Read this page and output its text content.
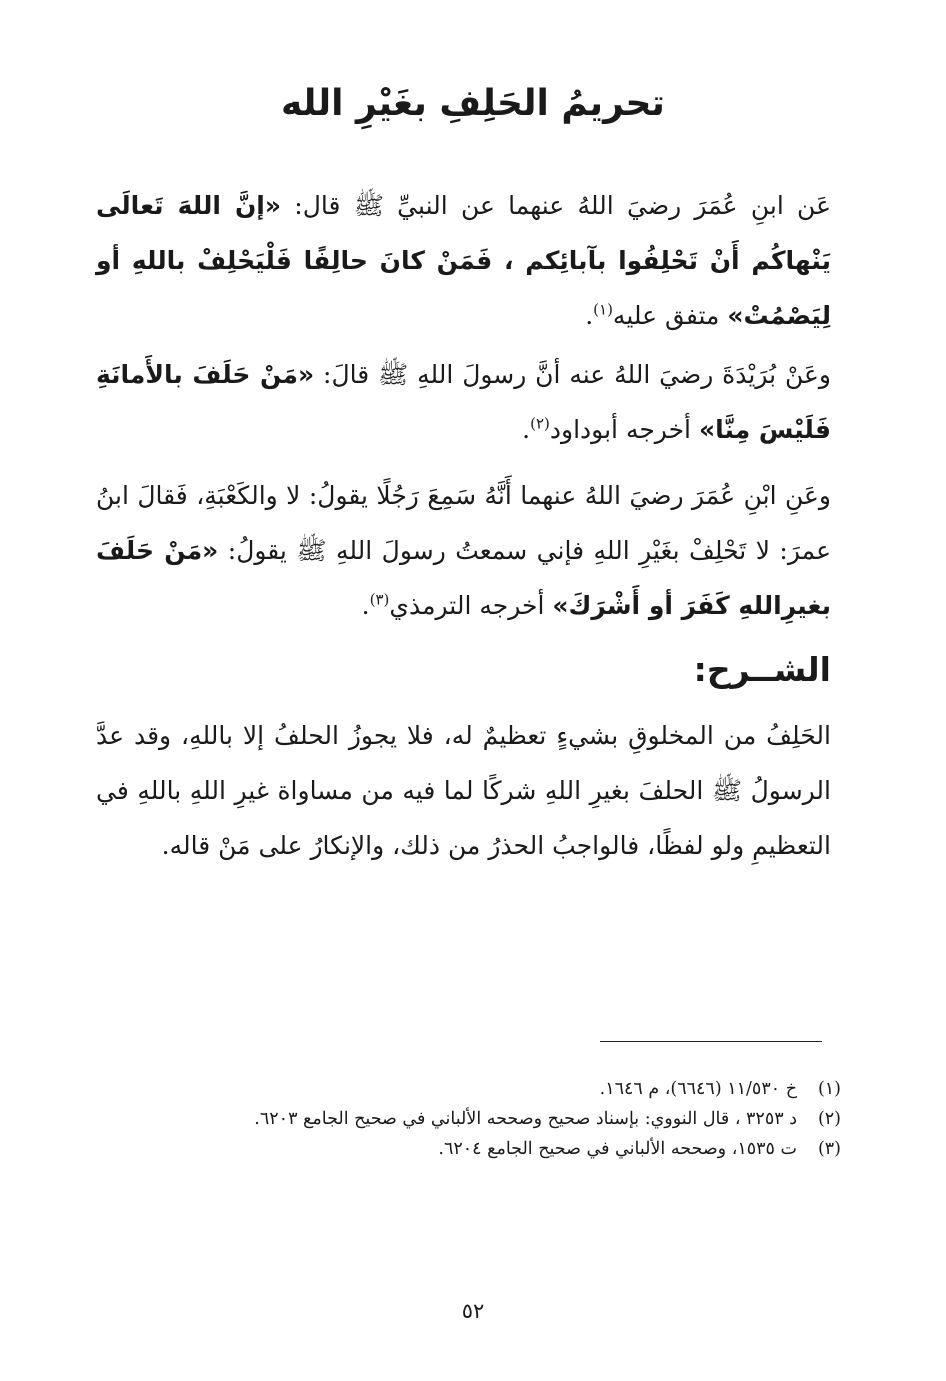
تحريمُ الحَلِفِ بغَيْرِ الله

عَن ابنِ عُمَرَ رضيَ اللهُ عنهما عن النبيِّ ﷺ قال: «إنَّ اللهَ تَعالَى يَنْهاكُم أَنْ تَحْلِفُوا بآبائِكم ، فَمَنْ كانَ حالِفًا فَلْيَحْلِفْ باللهِ أو لِيَصْمُتْ» متفق عليه$^{(١)}$.

وعَنْ بُرَيْدَةَ رضيَ اللهُ عنه أنَّ رسولَ اللهِ ﷺ قالَ: «مَنْ حَلَفَ بالأَمانَةِ فَلَيْسَ مِنَّا» أخرجه أبوداود$^{(٢)}$.

وعَنِ ابْنِ عُمَرَ رضيَ اللهُ عنهما أَنَّهُ سَمِعَ رَجُلًا يقولُ: لا والكَعْبَةِ، فَقالَ ابنُ عمرَ: لا تَحْلِفْ بغَيْرِ اللهِ فإني سمعتُ رسولَ اللهِ ﷺ يقولُ: «مَنْ حَلَفَ بغيرِاللهِ كَفَرَ أو أَشْرَكَ» أخرجه الترمذي$^{(٣)}$.

الشــرح:

الحَلِفُ من المخلوقِ بشيءٍ تعظيمٌ له، فلا يجوزُ الحلفُ إلا باللهِ، وقد عدَّ الرسولُ ﷺ الحلفَ بغيرِ اللهِ شركًا لما فيه من مساواة غيرِ اللهِ باللهِ في التعظيمِ ولو لفظًا، فالواجبُ الحذرُ من ذلك، والإنكارُ على مَنْ قاله.

(١)
خ ١١/٥٣٠ (٦٦٤٦)، م ١٦٤٦.
(٢)
د ٣٢٥٣ ، قال النووي: بإسناد صحيح وصححه الألباني في صحيح الجامع ٦٢٠٣.
(٣)
ت ١٥٣٥، وصححه الألباني في صحيح الجامع ٦٢٠٤.
٥٢
